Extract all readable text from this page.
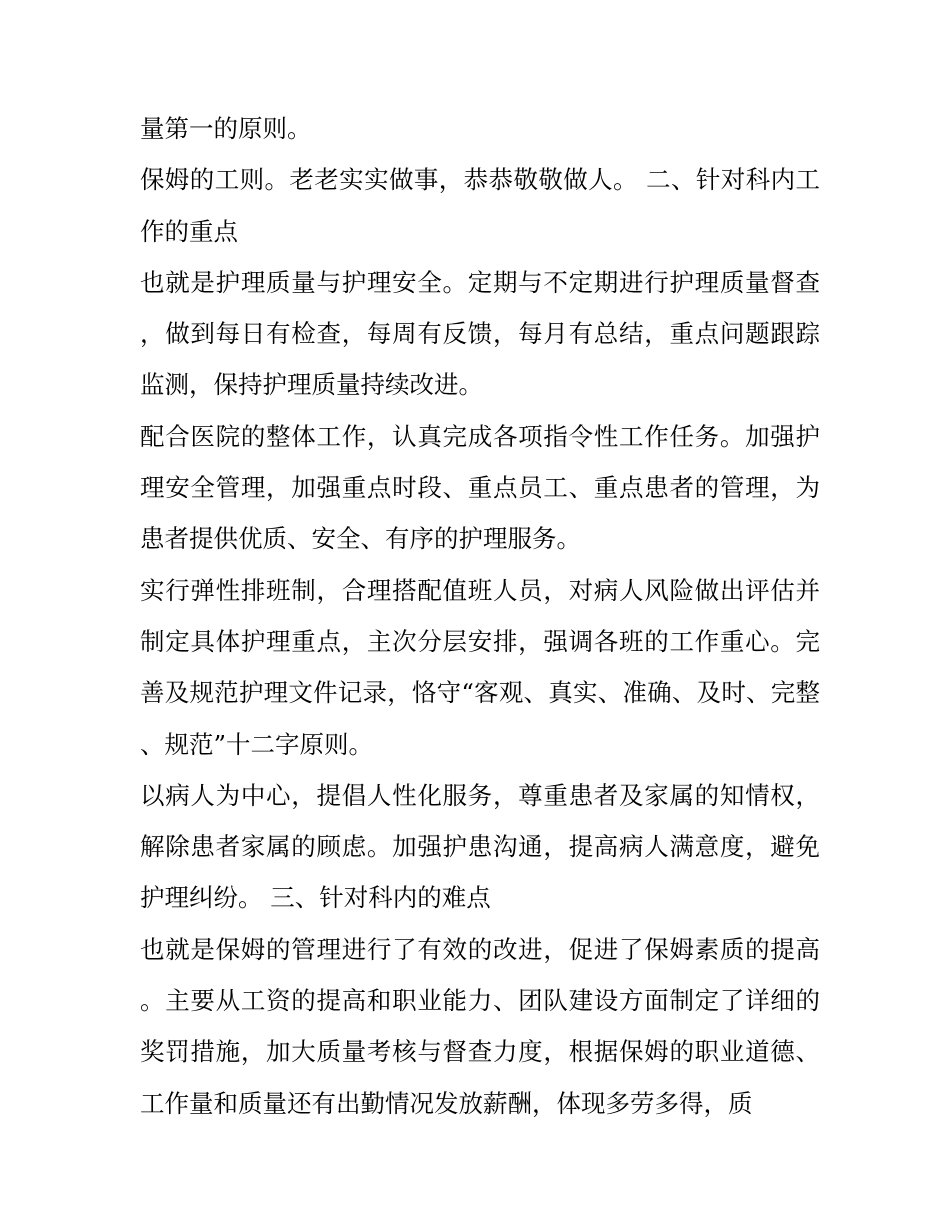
量第一的原则。

保姆的工则。老老实实做事，恭恭敬敬做人。 二、针对科内工作的重点

也就是护理质量与护理安全。定期与不定期进行护理质量督查，做到每日有检查，每周有反馈，每月有总结，重点问题跟踪监测，保持护理质量持续改进。

配合医院的整体工作，认真完成各项指令性工作任务。加强护理安全管理，加强重点时段、重点员工、重点患者的管理，为患者提供优质、安全、有序的护理服务。

实行弹性排班制，合理搭配值班人员，对病人风险做出评估并制定具体护理重点，主次分层安排，强调各班的工作重心。完善及规范护理文件记录，恪守“客观、真实、准确、及时、完整、规范”十二字原则。

以病人为中心，提倡人性化服务，尊重患者及家属的知情权，解除患者家属的顾虑。加强护患沟通，提高病人满意度，避免护理纠纷。 三、针对科内的难点

也就是保姆的管理进行了有效的改进，促进了保姆素质的提高。主要从工资的提高和职业能力、团队建设方面制定了详细的奖罚措施，加大质量考核与督查力度，根据保姆的职业道德、工作量和质量还有出勤情况发放薪酬，体现多劳多得，质
